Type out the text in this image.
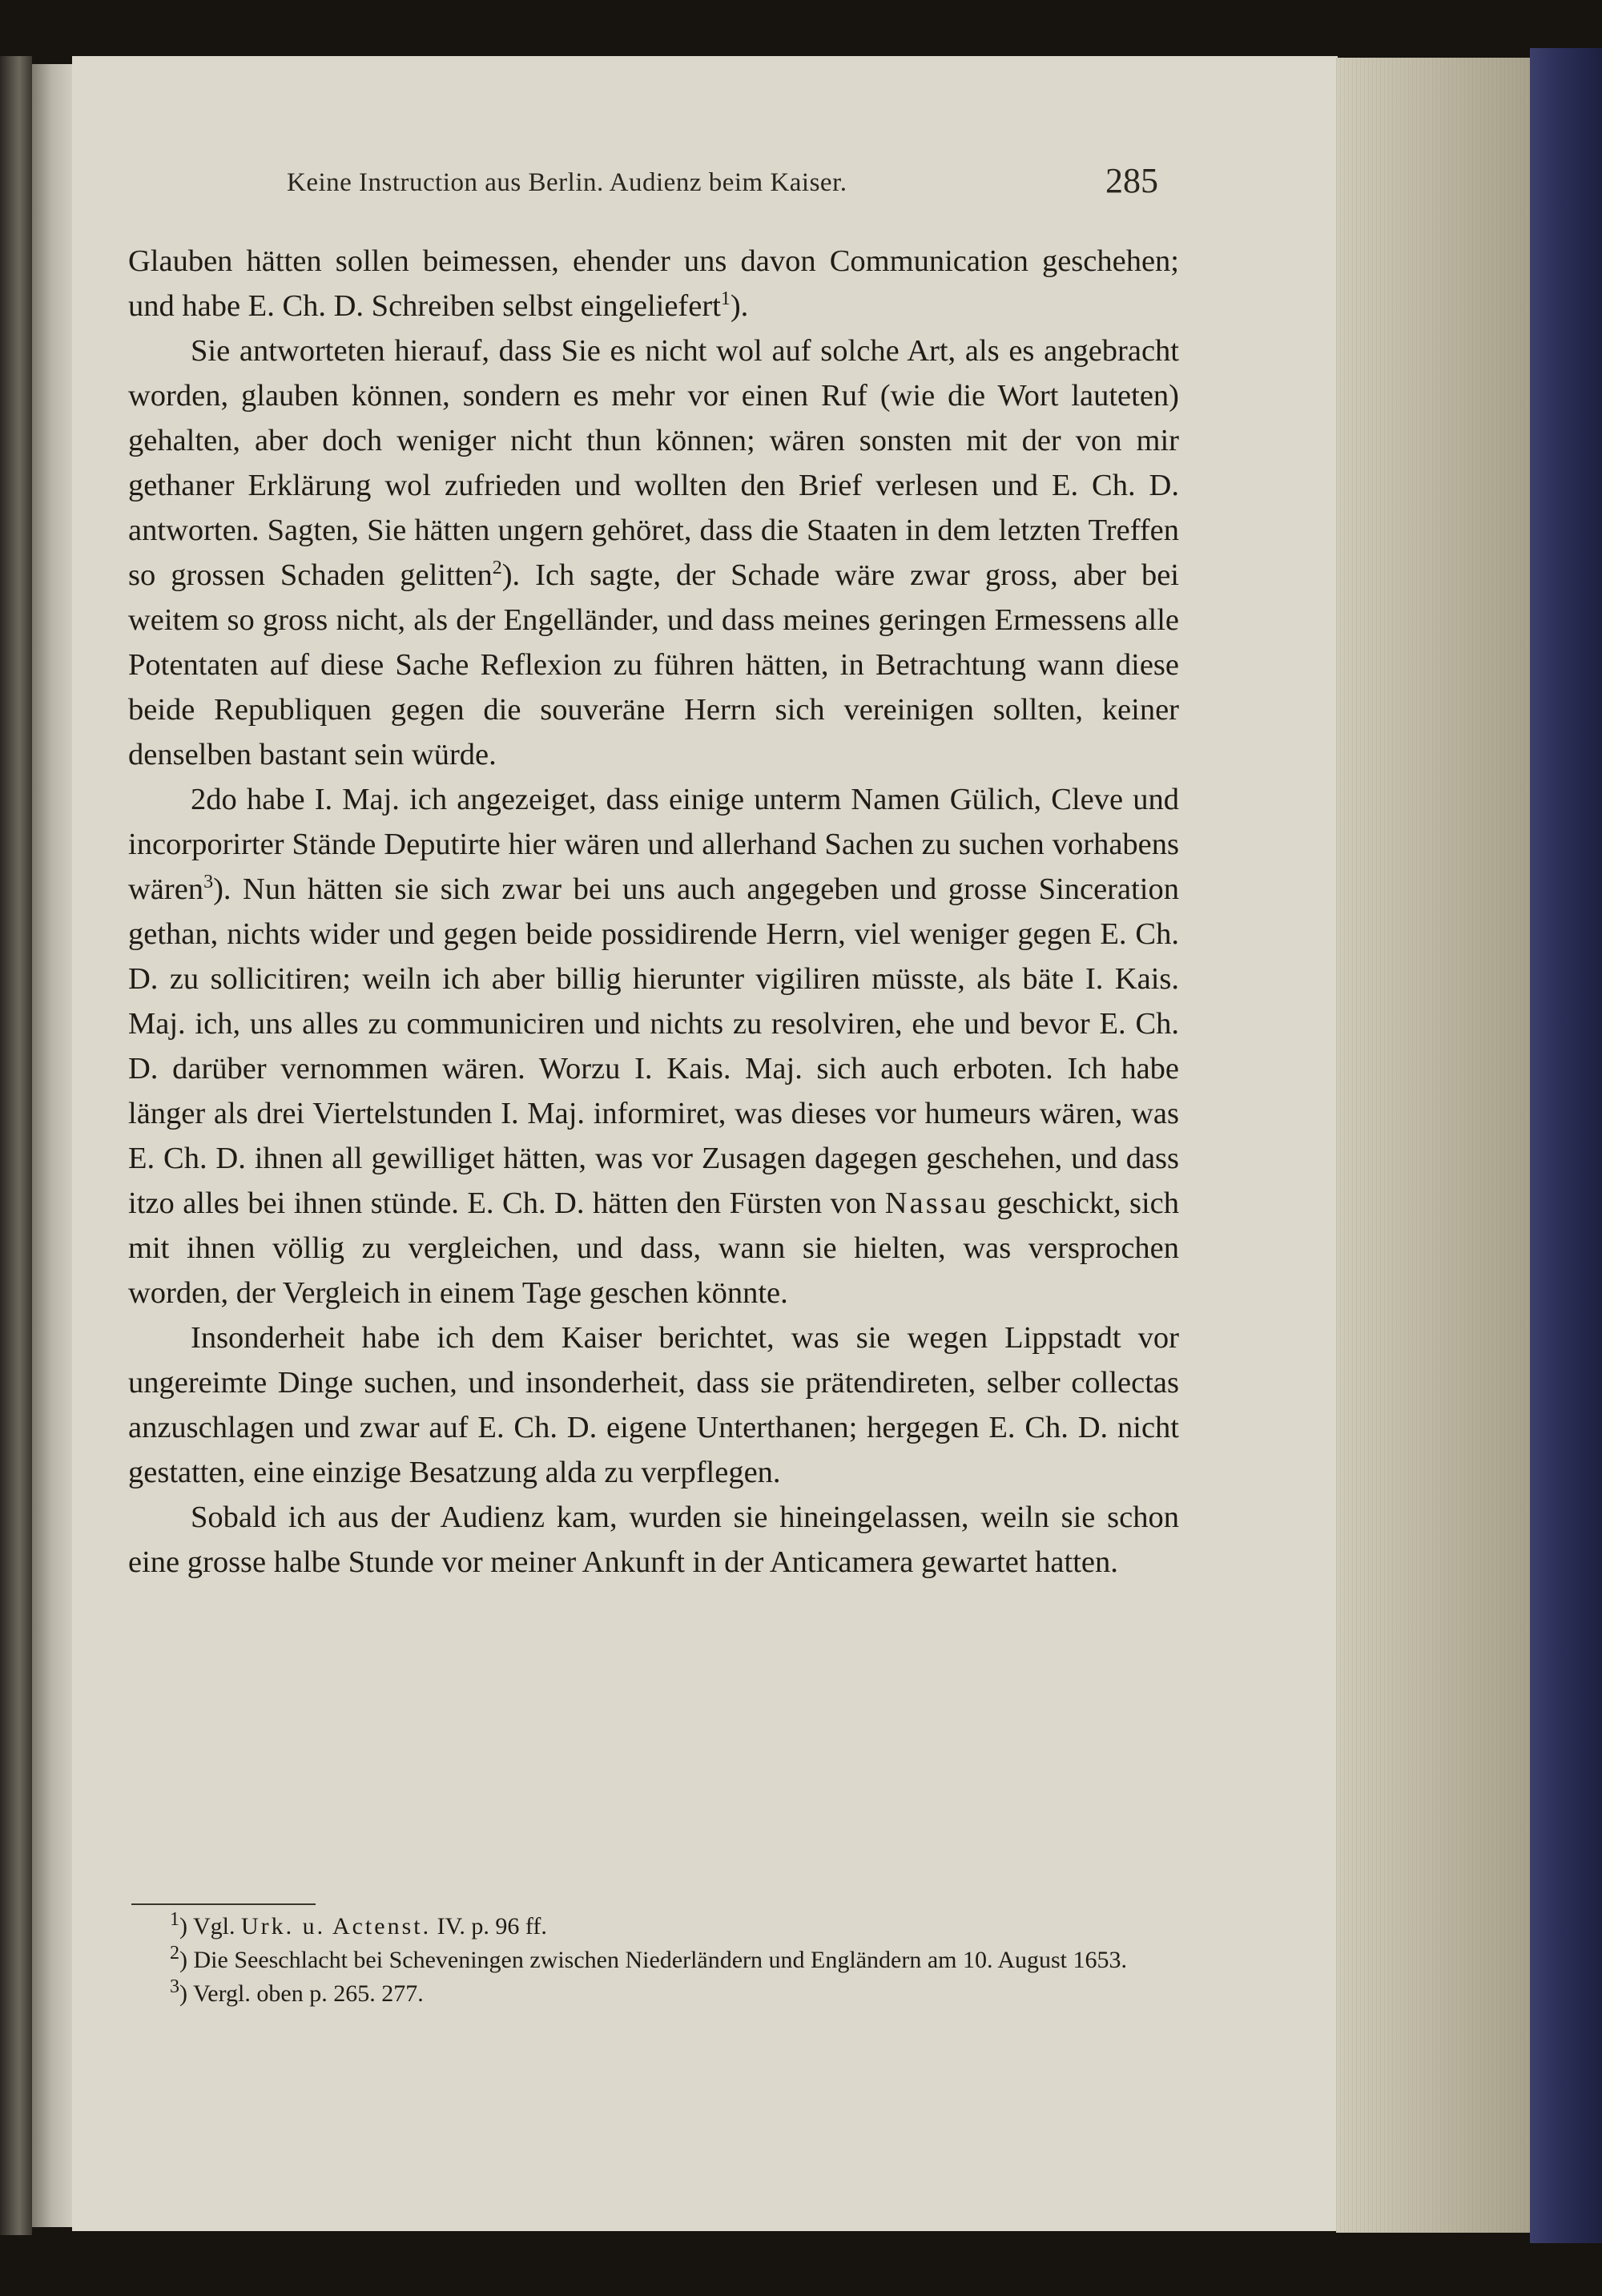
Keine Instruction aus Berlin. Audienz beim Kaiser.	285

Glauben hätten sollen beimessen, ehender uns davon Communication geschehen; und habe E. Ch. D. Schreiben selbst eingeliefert$^1$).

Sie antworteten hierauf, dass Sie es nicht wol auf solche Art, als es angebracht worden, glauben können, sondern es mehr vor einen Ruf (wie die Wort lauteten) gehalten, aber doch weniger nicht thun können; wären sonsten mit der von mir gethaner Erklärung wol zufrieden und wollten den Brief verlesen und E. Ch. D. antworten. Sagten, Sie hätten ungern gehöret, dass die Staaten in dem letzten Treffen so grossen Schaden gelitten$^2$). Ich sagte, der Schade wäre zwar gross, aber bei weitem so gross nicht, als der Engelländer, und dass meines geringen Ermessens alle Potentaten auf diese Sache Reflexion zu führen hätten, in Betrachtung wann diese beide Republiquen gegen die souveräne Herrn sich vereinigen sollten, keiner denselben bastant sein würde.

2do habe I. Maj. ich angezeiget, dass einige unterm Namen Gülich, Cleve und incorporirter Stände Deputirte hier wären und allerhand Sachen zu suchen vorhabens wären$^3$). Nun hätten sie sich zwar bei uns auch angegeben und grosse Sinceration gethan, nichts wider und gegen beide possidirende Herrn, viel weniger gegen E. Ch. D. zu sollicitiren; weiln ich aber billig hierunter vigiliren müsste, als bäte I. Kais. Maj. ich, uns alles zu communiciren und nichts zu resolviren, ehe und bevor E. Ch. D. darüber vernommen wären. Worzu I. Kais. Maj. sich auch erboten. Ich habe länger als drei Viertelstunden I. Maj. informiret, was dieses vor humeurs wären, was E. Ch. D. ihnen all gewilliget hätten, was vor Zusagen dagegen geschehen, und dass itzo alles bei ihnen stünde. E. Ch. D. hätten den Fürsten von Nassau geschickt, sich mit ihnen völlig zu vergleichen, und dass, wann sie hielten, was versprochen worden, der Vergleich in einem Tage geschen könnte.

Insonderheit habe ich dem Kaiser berichtet, was sie wegen Lippstadt vor ungereimte Dinge suchen, und insonderheit, dass sie prätendireten, selber collectas anzuschlagen und zwar auf E. Ch. D. eigene Unterthanen; hergegen E. Ch. D. nicht gestatten, eine einzige Besatzung alda zu verpflegen.

Sobald ich aus der Audienz kam, wurden sie hineingelassen, weiln sie schon eine grosse halbe Stunde vor meiner Ankunft in der Anticamera gewartet hatten.

$^1$) Vgl. Urk. u. Actenst. IV. p. 96 ff.
$^2$) Die Seeschlacht bei Scheveningen zwischen Niederländern und Engländern am 10. August 1653.
$^3$) Vergl. oben p. 265. 277.
